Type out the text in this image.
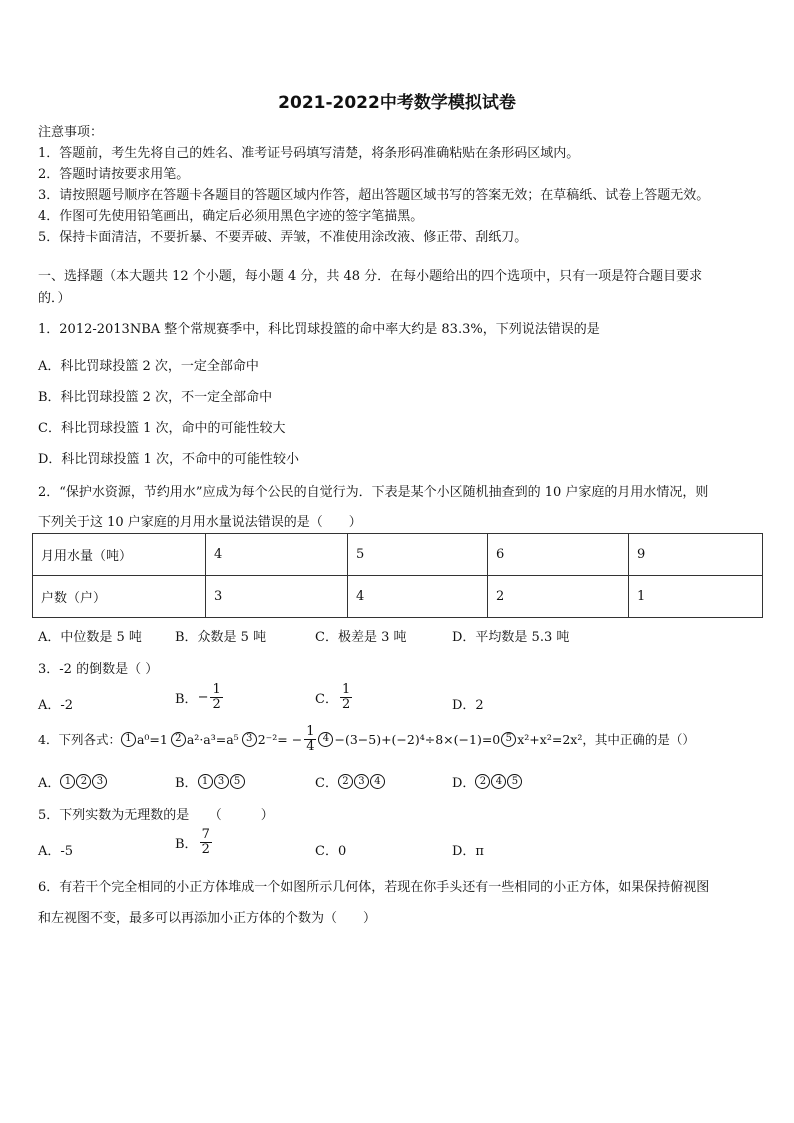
2021-2022中考数学模拟试卷
注意事项：
1．答题前，考生先将自己的姓名、准考证号码填写清楚，将条形码准确粘贴在条形码区域内。
2．答题时请按要求用笔。
3．请按照题号顺序在答题卡各题目的答题区域内作答，超出答题区域书写的答案无效；在草稿纸、试卷上答题无效。
4．作图可先使用铅笔画出，确定后必须用黑色字迹的签字笔描黑。
5．保持卡面清洁，不要折暴、不要弄破、弄皱，不准使用涂改液、修正带、刮纸刀。
一、选择题（本大题共 12 个小题，每小题 4 分，共 48 分．在每小题给出的四个选项中，只有一项是符合题目要求
的．）
1．2012-2013NBA 整个常规赛季中，科比罚球投篮的命中率大约是 83.3%，下列说法错误的是
A．科比罚球投篮 2 次，一定全部命中
B．科比罚球投篮 2 次，不一定全部命中
C．科比罚球投篮 1 次，命中的可能性较大
D．科比罚球投篮 1 次，不命中的可能性较小
2．“保护水资源，节约用水”应成为每个公民的自觉行为．下表是某个小区随机抽查到的 10 户家庭的月用水情况，则
下列关于这 10 户家庭的月用水量说法错误的是（　　）
月用水量（吨）	4	5	6	9
户数（户）	3	4	2	1
A．中位数是 5 吨	B．众数是 5 吨	C．极差是 3 吨	D．平均数是 5.3 吨
3．-2 的倒数是（ ）
A．-2	B． − $\frac{1}{2}$	C． $\frac{1}{2}$	D．2
4．下列各式： 1 a⁰=1 2 a²·a³=a⁵ 3 $2^{-2}= - \frac{1}{4} 4 -(3-5)+(-2)^4\div 8\times(-1)=0$ 5 x²+x²=2x² ，其中正确的是（）
A． 1 2 3	B． 1 3 5	C． 2 3 4	D． 2 4 5
5．下列实数为无理数的是　　（　　　）
A．-5	B． $\frac{7}{2}$	C．0	D．π
6．有若干个完全相同的小正方体堆成一个如图所示几何体，若现在你手头还有一些相同的小正方体，如果保持俯视图
和左视图不变，最多可以再添加小正方体的个数为（　　）
